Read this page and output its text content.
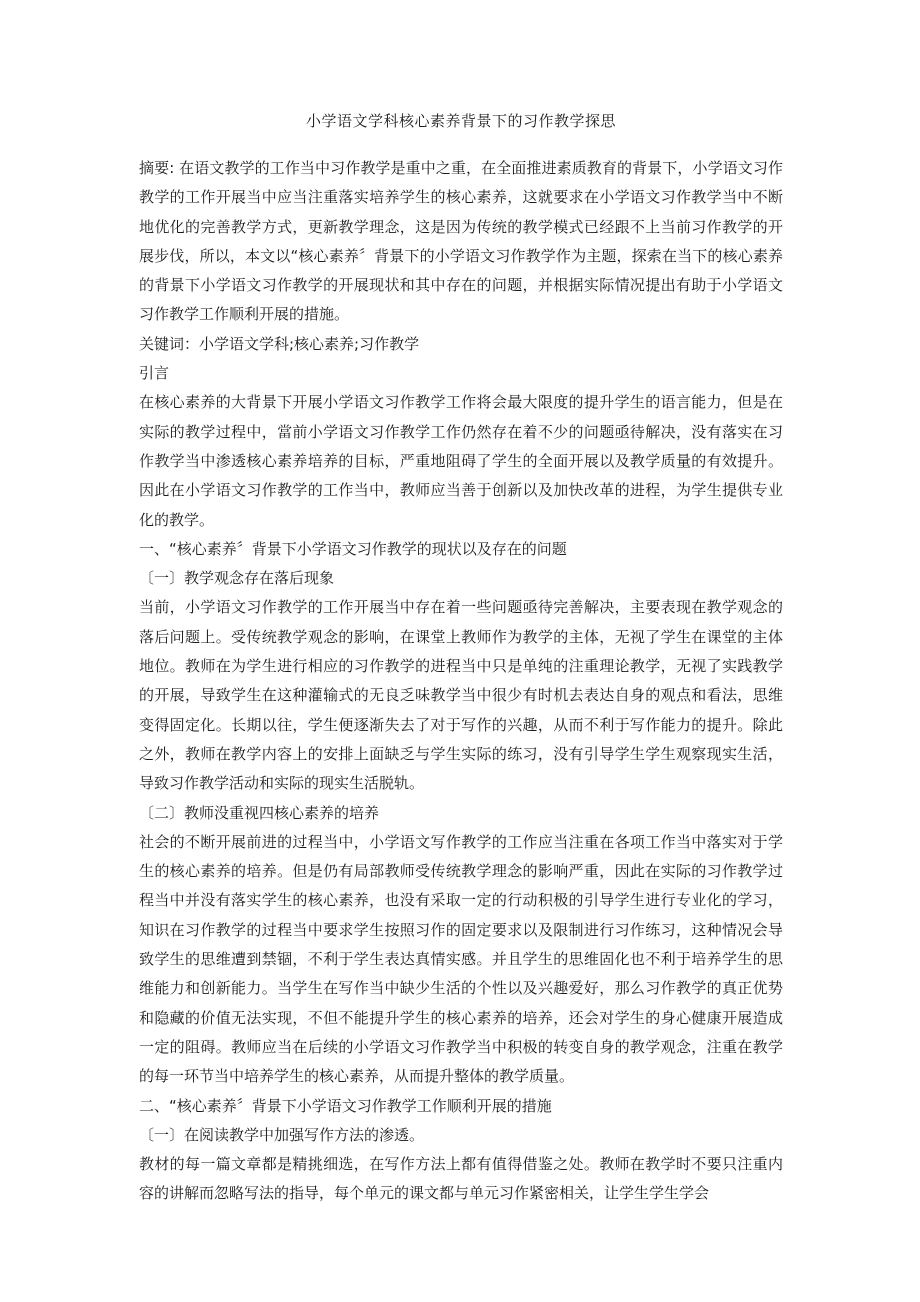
小学语文学科核心素养背景下的习作教学探思

摘要: 在语文教学的工作当中习作教学是重中之重，在全面推进素质教育的背景下，小学语文习作教学的工作开展当中应当注重落实培养学生的核心素养，这就要求在小学语文习作教学当中不断地优化的完善教学方式，更新教学理念，这是因为传统的教学模式已经跟不上当前习作教学的开展步伐，所以，本文以“核心素养〞背景下的小学语文习作教学作为主题，探索在当下的核心素养的背景下小学语文习作教学的开展现状和其中存在的问题，并根据实际情况提出有助于小学语文习作教学工作顺利开展的措施。

关键词：小学语文学科;核心素养;习作教学

引言

在核心素养的大背景下开展小学语文习作教学工作将会最大限度的提升学生的语言能力，但是在实际的教学过程中，當前小学语文习作教学工作仍然存在着不少的问题亟待解决，没有落实在习作教学当中渗透核心素养培养的目标，严重地阻碍了学生的全面开展以及教学质量的有效提升。因此在小学语文习作教学的工作当中，教师应当善于创新以及加快改革的进程，为学生提供专业化的教学。

一、“核心素养〞背景下小学语文习作教学的现状以及存在的问题

〔一〕教学观念存在落后现象

当前，小学语文习作教学的工作开展当中存在着一些问题亟待完善解决，主要表现在教学观念的落后问题上。受传统教学观念的影响，在课堂上教师作为教学的主体，无视了学生在课堂的主体地位。教师在为学生进行相应的习作教学的进程当中只是单纯的注重理论教学，无视了实践教学的开展，导致学生在这种灌输式的无良乏味教学当中很少有时机去表达自身的观点和看法，思维变得固定化。长期以往，学生便逐渐失去了对于写作的兴趣，从而不利于写作能力的提升。除此之外，教师在教学内容上的安排上面缺乏与学生实际的练习，没有引导学生学生观察现实生活，导致习作教学活动和实际的现实生活脱轨。

〔二〕教师没重视四核心素养的培养

社会的不断开展前进的过程当中，小学语文写作教学的工作应当注重在各项工作当中落实对于学生的核心素养的培养。但是仍有局部教师受传统教学理念的影响严重，因此在实际的习作教学过程当中并没有落实学生的核心素养，也没有采取一定的行动积极的引导学生进行专业化的学习，知识在习作教学的过程当中要求学生按照习作的固定要求以及限制进行习作练习，这种情况会导致学生的思维遭到禁锢，不利于学生表达真情实感。并且学生的思维固化也不利于培养学生的思维能力和创新能力。当学生在写作当中缺少生活的个性以及兴趣爱好，那么习作教学的真正优势和隐藏的价值无法实现，不但不能提升学生的核心素养的培养，还会对学生的身心健康开展造成一定的阻碍。教师应当在后续的小学语文习作教学当中积极的转变自身的教学观念，注重在教学的每一环节当中培养学生的核心素养，从而提升整体的教学质量。

二、“核心素养〞背景下小学语文习作教学工作顺利开展的措施

〔一〕在阅读教学中加强写作方法的渗透。

教材的每一篇文章都是精挑细选，在写作方法上都有值得借鉴之处。教师在教学时不要只注重内容的讲解而忽略写法的指导，每个单元的课文都与单元习作紧密相关，让学生学生学会
